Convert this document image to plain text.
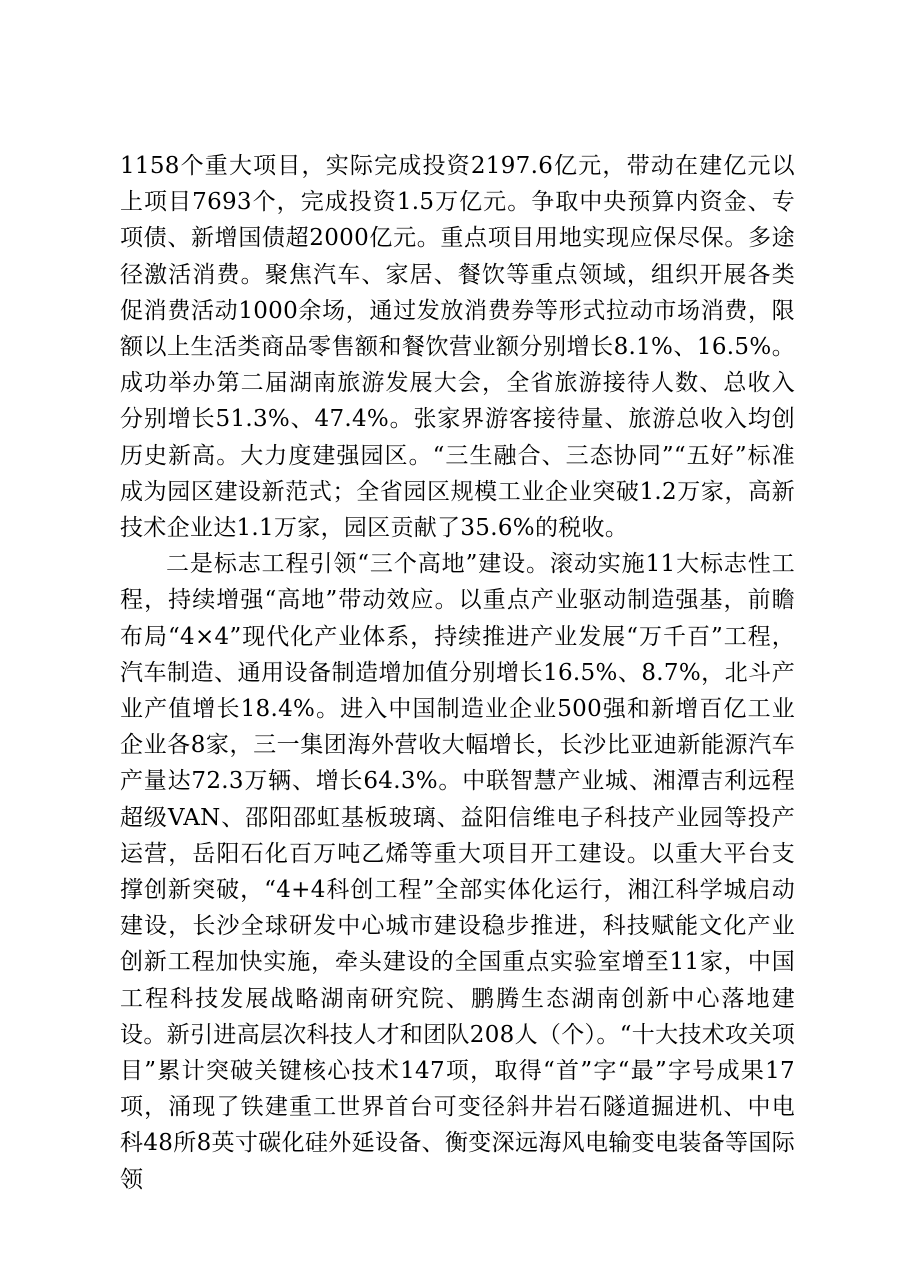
1158个重大项目，实际完成投资2197.6亿元，带动在建亿元以上项目7693个，完成投资1.5万亿元。争取中央预算内资金、专项债、新增国债超2000亿元。重点项目用地实现应保尽保。多途径激活消费。聚焦汽车、家居、餐饮等重点领域，组织开展各类促消费活动1000余场，通过发放消费券等形式拉动市场消费，限额以上生活类商品零售额和餐饮营业额分别增长8.1%、16.5%。成功举办第二届湖南旅游发展大会，全省旅游接待人数、总收入分别增长51.3%、47.4%。张家界游客接待量、旅游总收入均创历史新高。大力度建强园区。“三生融合、三态协同”“五好”标准成为园区建设新范式；全省园区规模工业企业突破1.2万家，高新技术企业达1.1万家，园区贡献了35.6%的税收。

二是标志工程引领“三个高地”建设。滚动实施11大标志性工程，持续增强“高地”带动效应。以重点产业驱动制造强基，前瞻布局“4×4”现代化产业体系，持续推进产业发展“万千百”工程，汽车制造、通用设备制造增加值分别增长16.5%、8.7%，北斗产业产值增长18.4%。进入中国制造业企业500强和新增百亿工业企业各8家，三一集团海外营收大幅增长，长沙比亚迪新能源汽车产量达72.3万辆、增长64.3%。中联智慧产业城、湘潭吉利远程超级VAN、邵阳邵虹基板玻璃、益阳信维电子科技产业园等投产运营，岳阳石化百万吨乙烯等重大项目开工建设。以重大平台支撑创新突破，“4+4科创工程”全部实体化运行，湘江科学城启动建设，长沙全球研发中心城市建设稳步推进，科技赋能文化产业创新工程加快实施，牵头建设的全国重点实验室增至11家，中国工程科技发展战略湖南研究院、鹏腾生态湖南创新中心落地建设。新引进高层次科技人才和团队208人（个）。“十大技术攻关项目”累计突破关键核心技术147项，取得“首”字“最”字号成果17项，涌现了铁建重工世界首台可变径斜井岩石隧道掘进机、中电科48所8英寸碳化硅外延设备、衡变深远海风电输变电装备等国际领
